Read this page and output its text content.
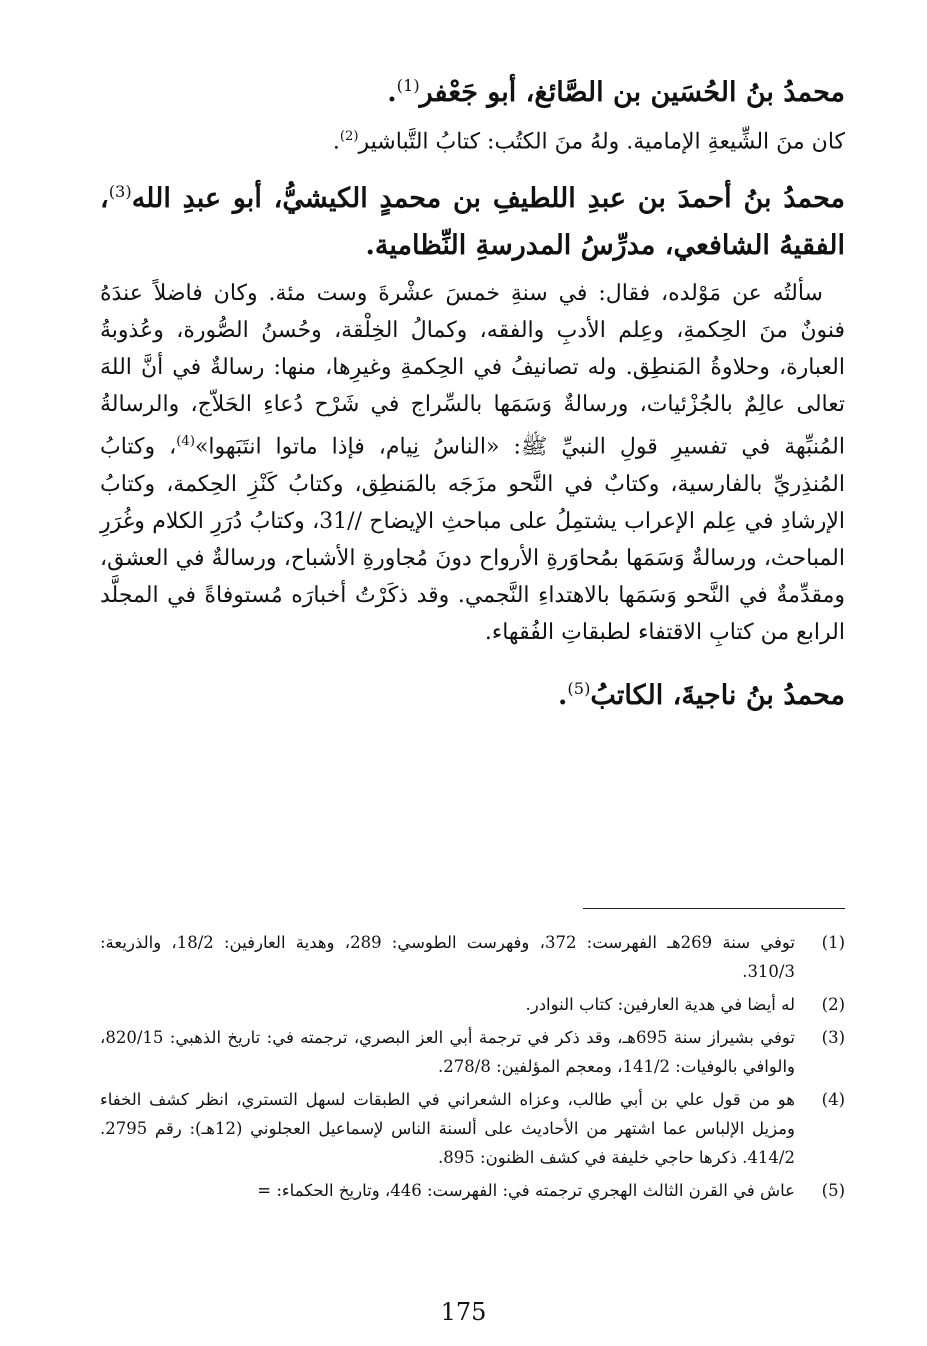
محمدُ بنُ الحُسَين بن الصَّائغ، أبو جَعْفر$^{(1)}$.

كان منَ الشِّيعةِ الإمامية. ولهُ منَ الكتُب: كتابُ التَّباشير$^{(2)}$.

محمدُ بنُ أحمدَ بن عبدِ اللطيفِ بن محمدٍ الكيشيُّ، أبو عبدِ الله$^{(3)}$، الفقيهُ الشافعي، مدرِّسُ المدرسةِ النِّظامية.

سألتُه عن مَوْلده، فقال: في سنةِ خمسَ عشْرةَ وست مئة. وكان فاضلاً عندَهُ فنونٌ منَ الحِكمةِ، وعِلم الأدبِ والفقه، وكمالُ الخِلْقة، وحُسنُ الصُّورة، وعُذوبةُ العبارة، وحلاوةُ المَنطِق. وله تصانيفُ في الحِكمةِ وغيرِها، منها: رسالةٌ في أنَّ اللهَ تعالى عالِمٌ بالجُزْئيات، ورسالةٌ وَسَمَها بالسِّراج في شَرْح دُعاءِ الحَلاّج، والرسالةُ المُنبِّهة في تفسيرِ قولِ النبيِّ ﷺ: «الناسُ نِيام، فإذا ماتوا انتَبَهوا»$^{(4)}$، وكتابُ المُنذِريِّ بالفارسية، وكتابٌ في النَّحو مزَجَه بالمَنطِق، وكتابُ كَنْزِ الحِكمة، وكتابُ الإرشادِ في عِلم الإعراب يشتمِلُ على مباحثِ الإيضاح //31، وكتابُ دُرَرِ الكلام وغُرَرِ المباحث، ورسالةٌ وَسَمَها بمُحاوَرةِ الأرواح دونَ مُجاورةِ الأشباح، ورسالةٌ في العشق، ومقدِّمةٌ في النَّحو وَسَمَها بالاهتداءِ النَّجمي. وقد ذكَرْتُ أخبارَه مُستوفاةً في المجلَّد الرابع من كتابِ الاقتفاء لطبقاتِ الفُقهاء.

محمدُ بنُ ناجيةَ، الكاتبُ$^{(5)}$.
(1)
توفي سنة 269هـ الفهرست: 372، وفهرست الطوسي: 289، وهدية العارفين: 18/2، والذريعة: 310/3.
(2)
له أيضا في هدية العارفين: كتاب النوادر.
(3)
توفي بشيراز سنة 695هـ، وقد ذكر في ترجمة أبي العز البصري، ترجمته في: تاريخ الذهبي: 820/15، والوافي بالوفيات: 141/2، ومعجم المؤلفين: 278/8.
(4)
هو من قول علي بن أبي طالب، وعزاه الشعراني في الطبقات لسهل التستري، انظر كشف الخفاء ومزيل الإلباس عما اشتهر من الأحاديث على ألسنة الناس لإسماعيل العجلوني (12هـ): رقم 2795. 414/2. ذكرها حاجي خليفة في كشف الظنون: 895.
(5)
عاش في القرن الثالث الهجري ترجمته في: الفهرست: 446، وتاريخ الحكماء: =
175
